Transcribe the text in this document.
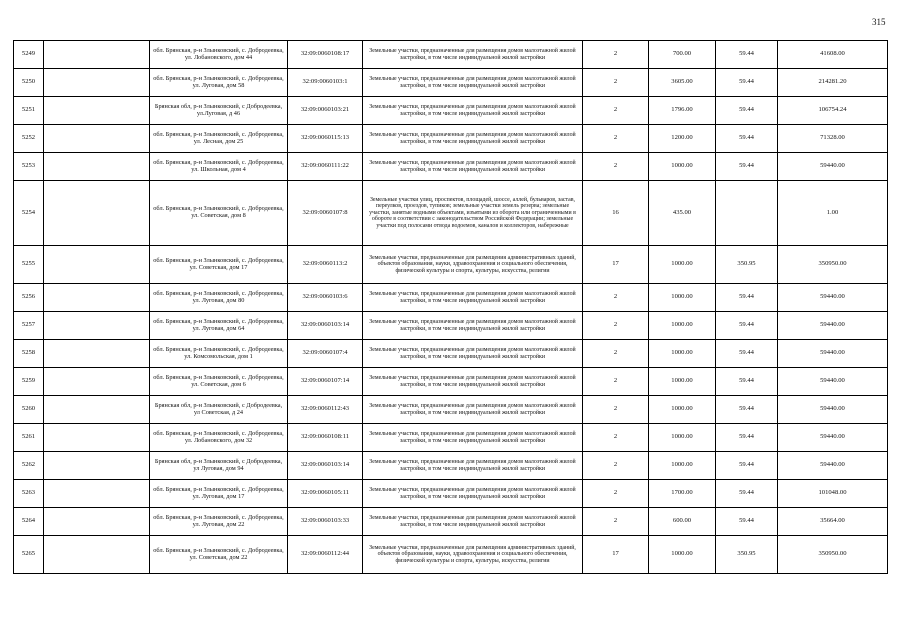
315
5249		обл. Брянская, р-н Злынковский, с. Добродеевка, ул. Лобановского, дом 44	32:09:0060108:17	Земельные участки, предназначенные для размещения домов малоэтажной жилой застройки, в том числе индивидуальной жилой застройки	2	700.00	59.44	41608.00
5250		обл. Брянская, р-н Злынковский, с. Добродеевка, ул. Луговая, дом 58	32:09:0060103:1	Земельные участки, предназначенные для размещения домов малоэтажной жилой застройки, в том числе индивидуальной жилой застройки	2	3605.00	59.44	214281.20
5251		Брянская обл, р-н Злынковский, с Добродеевка, ул.Луговая, д 46	32:09:0060103:21	Земельные участки, предназначенные для размещения домов малоэтажной жилой застройки, в том числе индивидуальной жилой застройки	2	1796.00	59.44	106754.24
5252		обл. Брянская, р-н Злынковский, с. Добродеевка, ул. Лесная, дом 25	32:09:0060115:13	Земельные участки, предназначенные для размещения домов малоэтажной жилой застройки, в том числе индивидуальной жилой застройки	2	1200.00	59.44	71328.00
5253		обл. Брянская, р-н Злынковский, с. Добродеевка, ул. Школьная, дом 4	32:09:0060111:22	Земельные участки, предназначенные для размещения домов малоэтажной жилой застройки, в том числе индивидуальной жилой застройки	2	1000.00	59.44	59440.00
5254		обл. Брянская, р-н Злынковский, с. Добродеевка, ул. Советская, дом 8	32:09:0060107:8	Земельные участки улиц, проспектов, площадей, шоссе, аллей, бульваров, застав, переулков, проездов, тупиков; земельные участки земель резерва; земельные участки, занятые водными объектами, изъятыми из оборота или ограниченными в обороте в соответствии с законодательством Российской Федерации; земельные участки под полосами отвода водоемов, каналов и коллекторов, набережные	16	435.00		1.00
5255		обл. Брянская, р-н Злынковский, с. Добродеевка, ул. Советская, дом 17	32:09:0060113:2	Земельные участки, предназначенные для размещения административных зданий, объектов образования, науки, здравоохранения и социального обеспечения, физической культуры и спорта, культуры, искусства, религии	17	1000.00	350.95	350950.00
5256		обл. Брянская, р-н Злынковский, с. Добродеевка, ул. Луговая, дом 80	32:09:0060103:6	Земельные участки, предназначенные для размещения домов малоэтажной жилой застройки, в том числе индивидуальной жилой застройки	2	1000.00	59.44	59440.00
5257		обл. Брянская, р-н Злынковский, с. Добродеевка, ул. Луговая, дом 64	32:09:0060103:14	Земельные участки, предназначенные для размещения домов малоэтажной жилой застройки, в том числе индивидуальной жилой застройки	2	1000.00	59.44	59440.00
5258		обл. Брянская, р-н Злынковский, с. Добродеевка, ул. Комсомольская, дом 1	32:09:0060107:4	Земельные участки, предназначенные для размещения домов малоэтажной жилой застройки, в том числе индивидуальной жилой застройки	2	1000.00	59.44	59440.00
5259		обл. Брянская, р-н Злынковский, с. Добродеевка, ул. Советская, дом 6	32:09:0060107:14	Земельные участки, предназначенные для размещения домов малоэтажной жилой застройки, в том числе индивидуальной жилой застройки	2	1000.00	59.44	59440.00
5260		Брянская обл, р-н Злынковский, с Добродеевка, ул Советская, д 24	32:09:0060112:43	Земельные участки, предназначенные для размещения домов малоэтажной жилой застройки, в том числе индивидуальной жилой застройки	2	1000.00	59.44	59440.00
5261		обл. Брянская, р-н Злынковский, с. Добродеевка, ул. Лобановского, дом 32	32:09:0060108:11	Земельные участки, предназначенные для размещения домов малоэтажной жилой застройки, в том числе индивидуальной жилой застройки	2	1000.00	59.44	59440.00
5262		Брянская обл, р-н Злынковский, с Добродеевка, ул Луговая, дом 94	32:09:0060103:14	Земельные участки, предназначенные для размещения домов малоэтажной жилой застройки, в том числе индивидуальной жилой застройки	2	1000.00	59.44	59440.00
5263		обл. Брянская, р-н Злынковский, с. Добродеевка, ул. Луговая, дом 17	32:09:0060105:11	Земельные участки, предназначенные для размещения домов малоэтажной жилой застройки, в том числе индивидуальной жилой застройки	2	1700.00	59.44	101048.00
5264		обл. Брянская, р-н Злынковский, с. Добродеевка, ул. Луговая, дом 22	32:09:0060103:33	Земельные участки, предназначенные для размещения домов малоэтажной жилой застройки, в том числе индивидуальной жилой застройки	2	600.00	59.44	35664.00
5265		обл. Брянская, р-н Злынковский, с. Добродеевка, ул. Советская, дом 22	32:09:0060112:44	Земельные участки, предназначенные для размещения административных зданий, объектов образования, науки, здравоохранения и социального обеспечения, физической культуры и спорта, культуры, искусства, религии	17	1000.00	350.95	350950.00
